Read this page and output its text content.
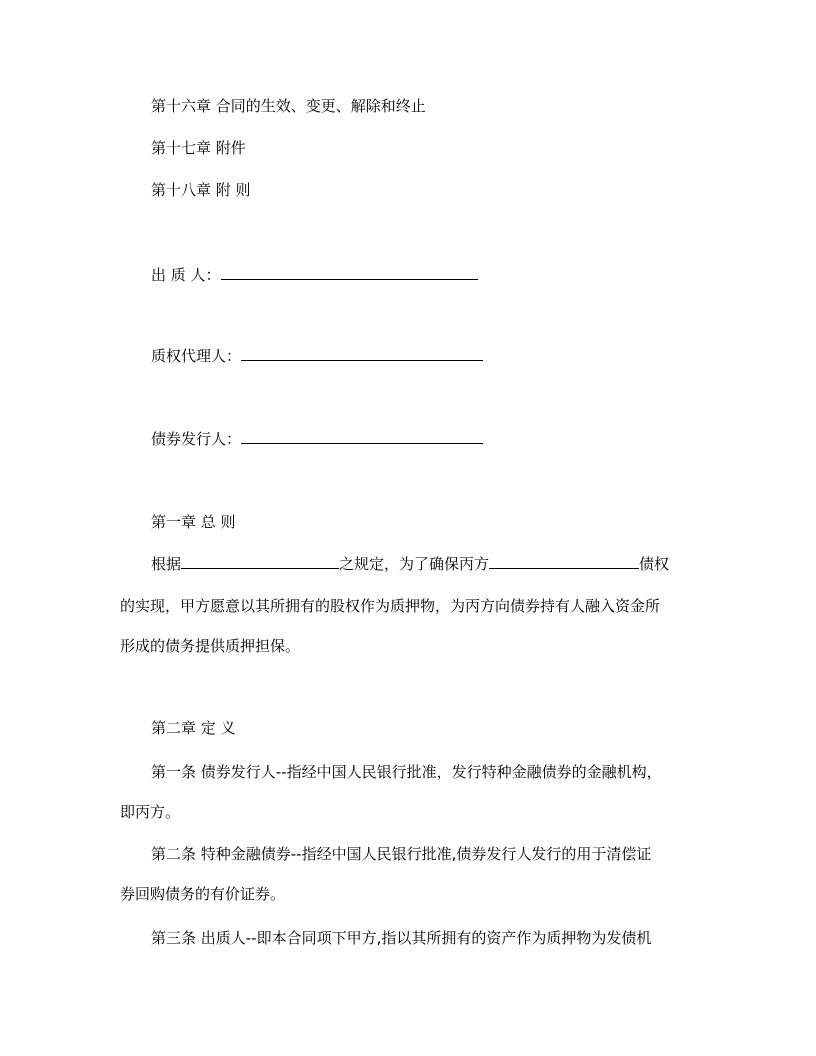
第十六章 合同的生效、变更、解除和终止
第十七章 附件
第十八章 附 则
出 质 人：
质权代理人：
债券发行人：
第一章 总 则
根据	之规定，为了确保丙方	债权
的实现，甲方愿意以其所拥有的股权作为质押物，为丙方向债券持有人融入资金所
形成的债务提供质押担保。
第二章 定 义
第一条 债券发行人--指经中国人民银行批准，发行特种金融债券的金融机构，
即丙方。
第二条 特种金融债券--指经中国人民银行批准,债券发行人发行的用于清偿证
券回购债务的有价证券。
第三条 出质人--即本合同项下甲方,指以其所拥有的资产作为质押物为发债机
